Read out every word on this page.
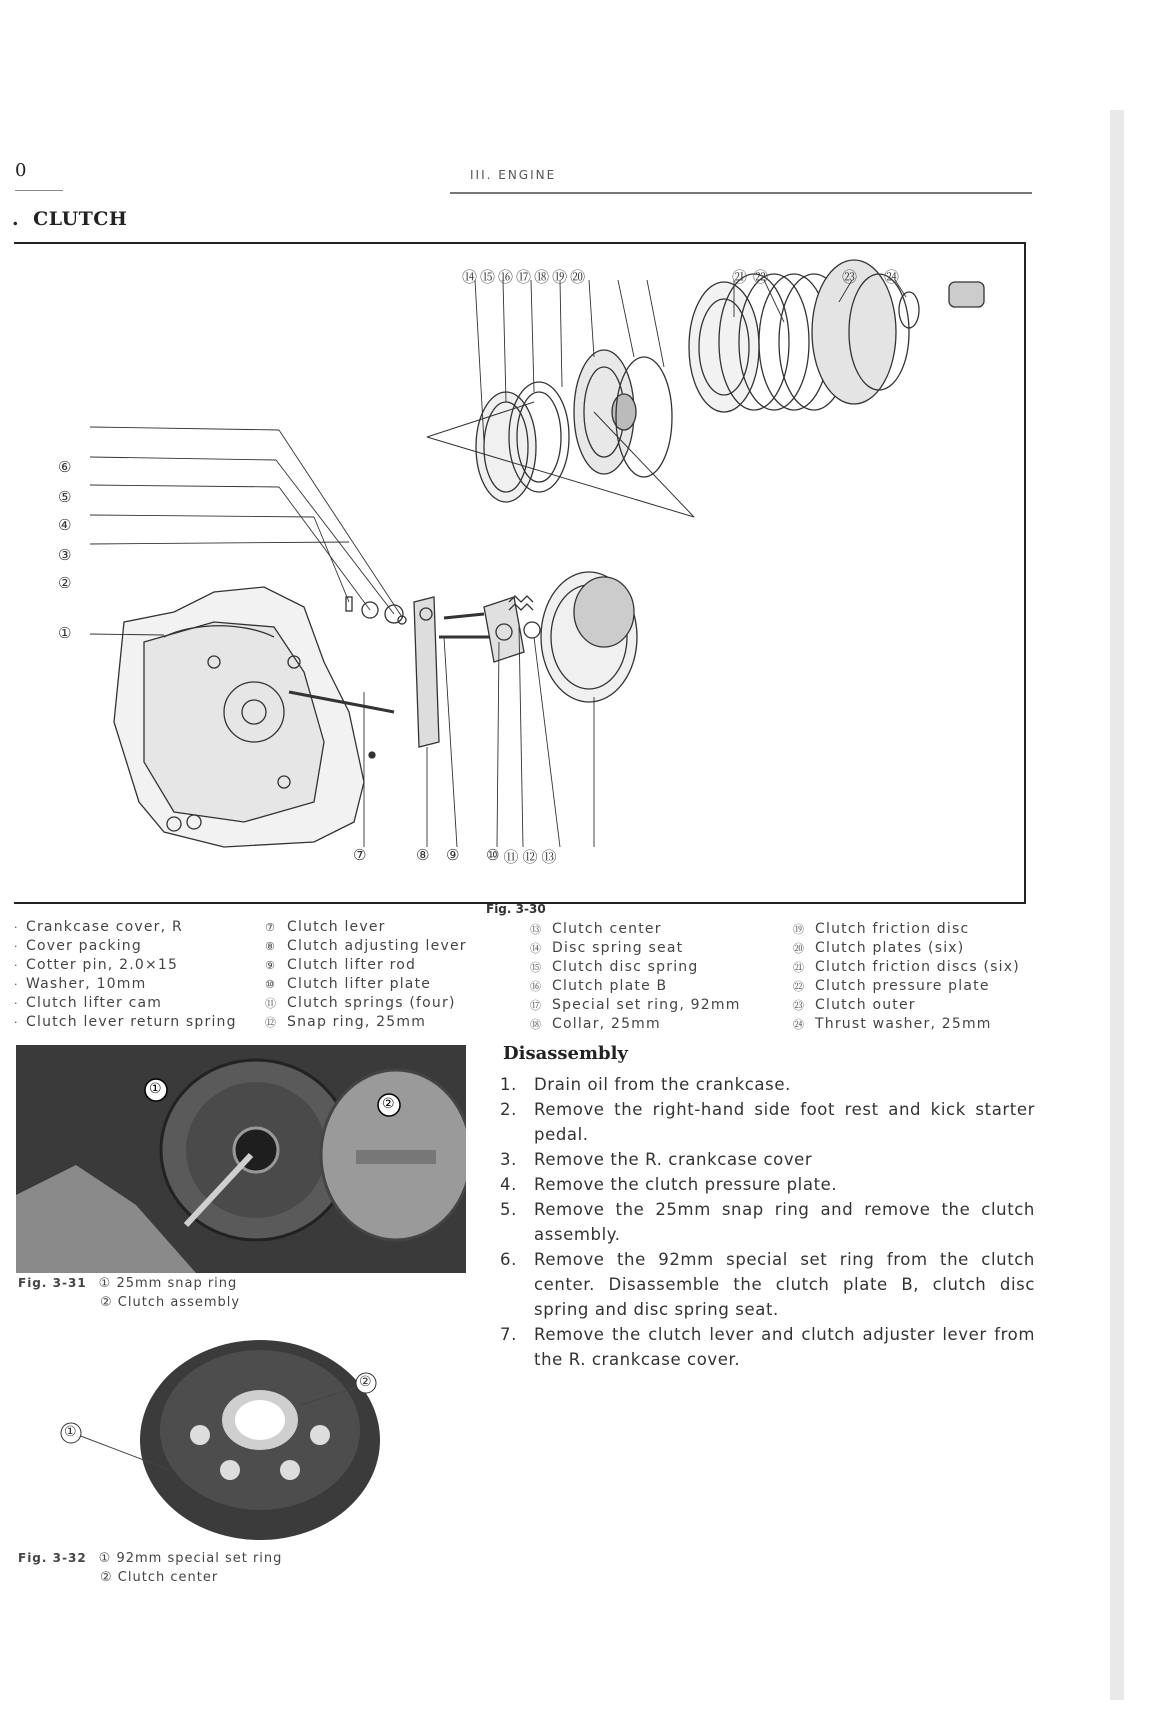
0	III. ENGINE
. CLUTCH
⑭ ⑮ ⑯ ⑰ ⑱ ⑲ ⑳	㉑ ㉒	㉓ ㉔
⑥
⑤
④
③
②
①
⑦	⑧ ⑨ ⑩ ⑪ ⑫ ⑬
Fig. 3-30
· Crankcase cover, R
· Cover packing
· Cotter pin, 2.0×15
· Washer, 10mm
· Clutch lifter cam
· Clutch lever return spring
⑦ Clutch lever
⑧ Clutch adjusting lever
⑨ Clutch lifter rod
⑩ Clutch lifter plate
⑪ Clutch springs (four)
⑫ Snap ring, 25mm
⑬ Clutch center
⑭ Disc spring seat
⑮ Clutch disc spring
⑯ Clutch plate B
⑰ Special set ring, 92mm
⑱ Collar, 25mm
⑲ Clutch friction disc
⑳ Clutch plates (six)
㉑ Clutch friction discs (six)
㉒ Clutch pressure plate
㉓ Clutch outer
㉔ Thrust washer, 25mm
①
②
Fig. 3-31 ① 25mm snap ring
② Clutch assembly
①
②
Fig. 3-32 ① 92mm special set ring
② Clutch center
Disassembly
1.	Drain oil from the crankcase.
2.	Remove the right-hand side foot rest and kick starter pedal.
3.	Remove the R. crankcase cover
4.	Remove the clutch pressure plate.
5.	Remove the 25mm snap ring and remove the clutch assembly.
6.	Remove the 92mm special set ring from the clutch center. Disassemble the clutch plate B, clutch disc spring and disc spring seat.
7.	Remove the clutch lever and clutch adjuster lever from the R. crankcase cover.
